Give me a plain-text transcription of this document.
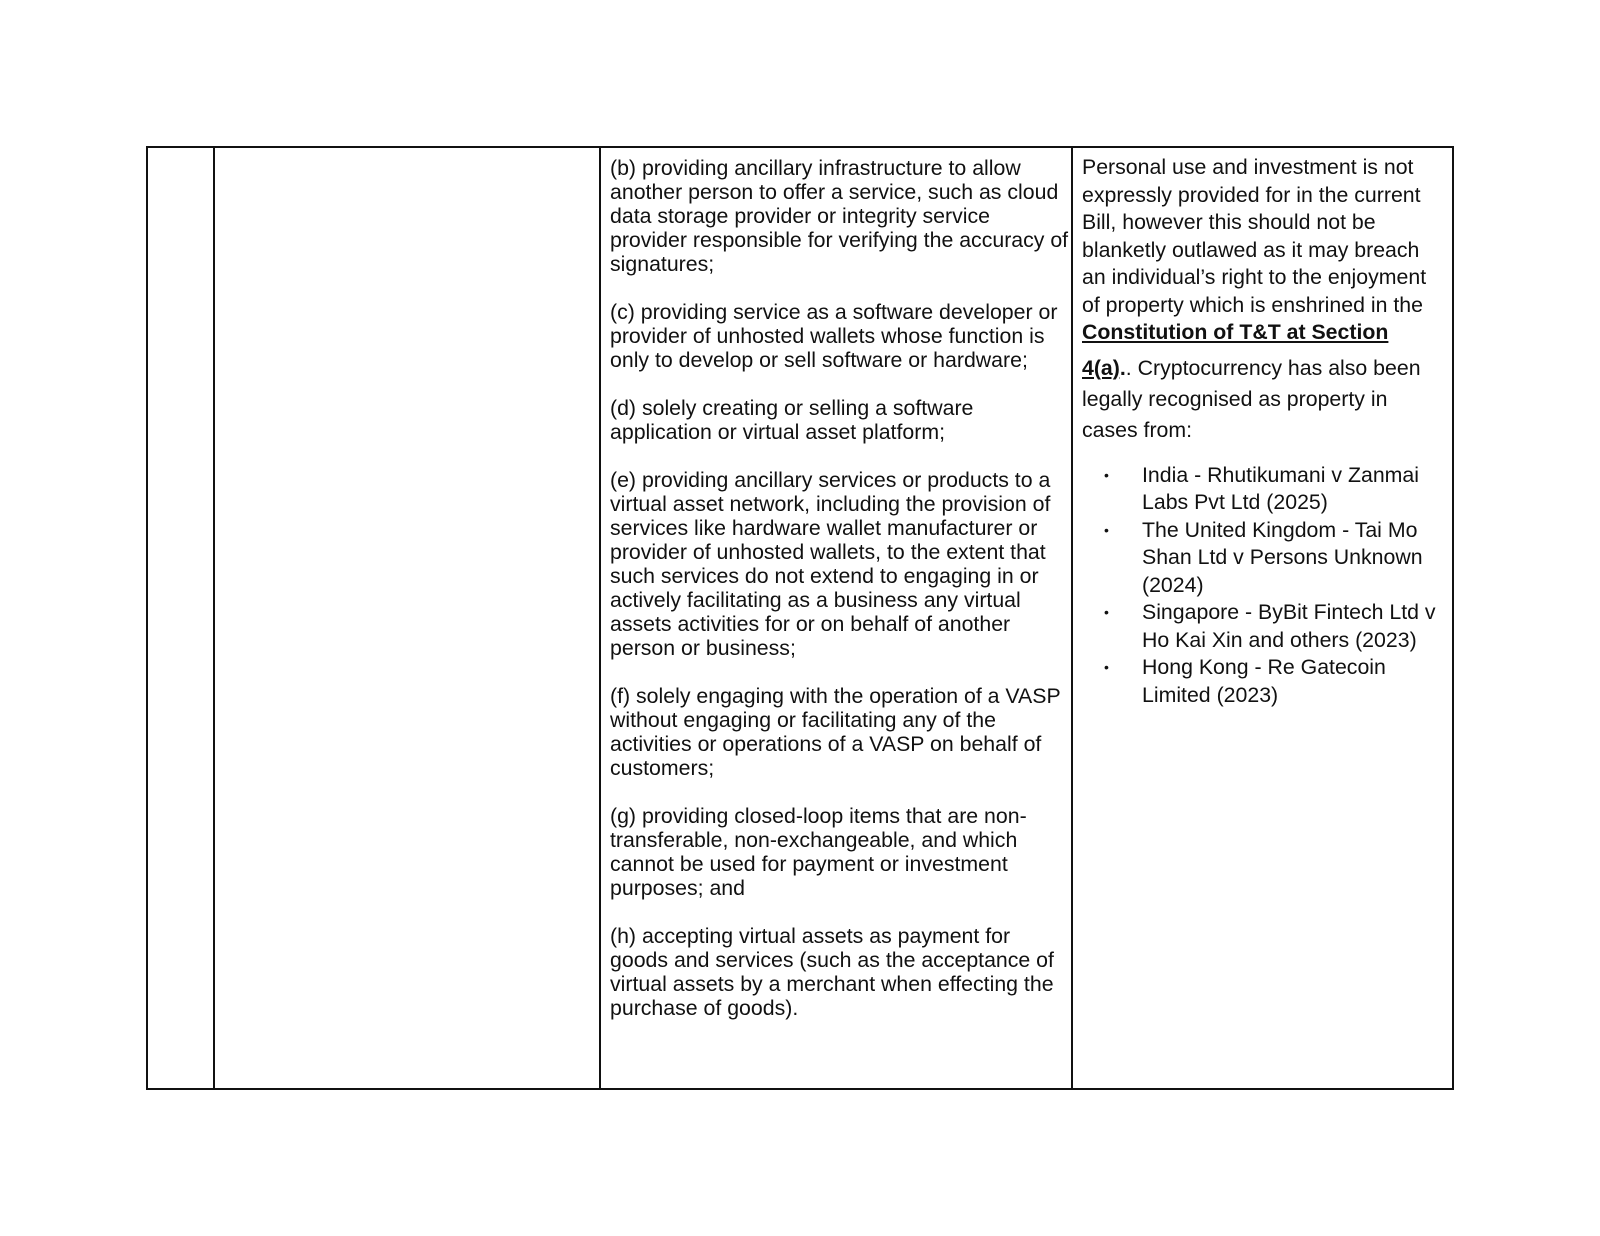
(b) providing ancillary infrastructure to allow another person to offer a service, such as cloud data storage provider or integrity service provider responsible for verifying the accuracy of signatures;

(c) providing service as a software developer or provider of unhosted wallets whose function is only to develop or sell software or hardware;

(d) solely creating or selling a software application or virtual asset platform;

(e) providing ancillary services or products to a virtual asset network, including the provision of services like hardware wallet manufacturer or provider of unhosted wallets, to the extent that such services do not extend to engaging in or actively facilitating as a business any virtual assets activities for or on behalf of another person or business;

(f) solely engaging with the operation of a VASP without engaging or facilitating any of the activities or operations of a VASP on behalf of customers;

(g) providing closed-loop items that are non-transferable, non-exchangeable, and which cannot be used for payment or investment purposes; and

(h) accepting virtual assets as payment for goods and services (such as the acceptance of virtual assets by a merchant when effecting the purchase of goods).

Personal use and investment is not expressly provided for in the current Bill, however this should not be blanketly outlawed as it may breach an individual’s right to the enjoyment of property which is enshrined in the Constitution of T&T at Section

4(a).. Cryptocurrency has also been legally recognised as property in cases from:

• India - Rhutikumani v Zanmai Labs Pvt Ltd (2025)
• The United Kingdom - Tai Mo Shan Ltd v Persons Unknown (2024)
• Singapore - ByBit Fintech Ltd v Ho Kai Xin and others (2023)
• Hong Kong - Re Gatecoin Limited (2023)
